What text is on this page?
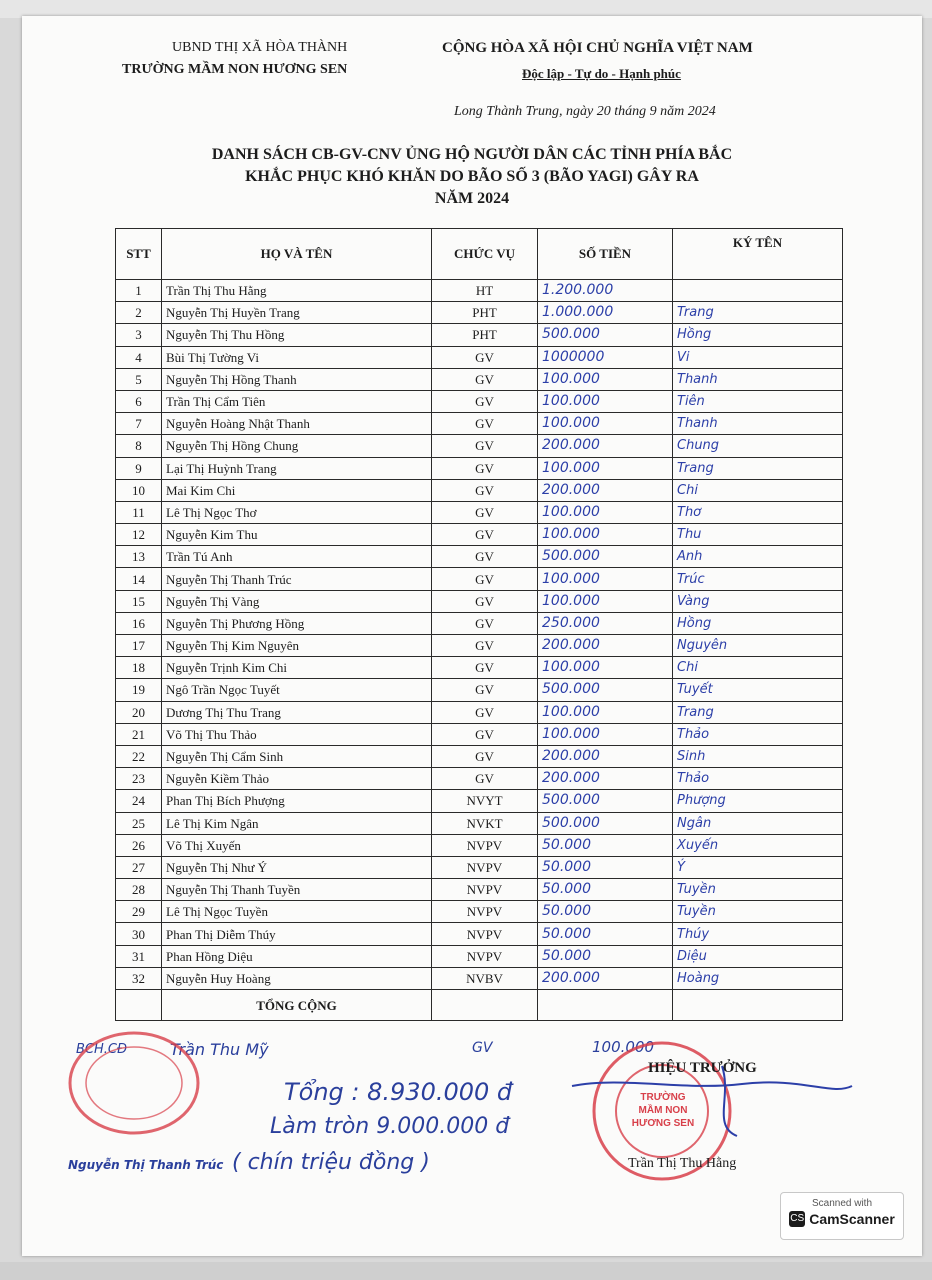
UBND THỊ XÃ HÒA THÀNH
TRƯỜNG MẦM NON HƯƠNG SEN
CỘNG HÒA XÃ HỘI CHỦ NGHĨA VIỆT NAM
Độc lập - Tự do - Hạnh phúc
Long Thành Trung, ngày 20 tháng 9 năm 2024
DANH SÁCH CB-GV-CNV ỦNG HỘ NGƯỜI DÂN CÁC TỈNH PHÍA BẮC
KHẮC PHỤC KHÓ KHĂN DO BÃO SỐ 3 (BÃO YAGI) GÂY RA
NĂM 2024
STT	HỌ VÀ TÊN	CHỨC VỤ	SỐ TIỀN	KÝ TÊN
1	Trần Thị Thu Hằng	HT	1.200.000	
2	Nguyễn Thị Huyền Trang	PHT	1.000.000	Trang
3	Nguyễn Thị Thu Hồng	PHT	500.000	Hồng
4	Bùi Thị Tường Vi	GV	1000000	Vi
5	Nguyễn Thị Hồng Thanh	GV	100.000	Thanh
6	Trần Thị Cẩm Tiên	GV	100.000	Tiên
7	Nguyễn Hoàng Nhật Thanh	GV	100.000	Thanh
8	Nguyễn Thị Hồng Chung	GV	200.000	Chung
9	Lại Thị Huỳnh Trang	GV	100.000	Trang
10	Mai Kim Chi	GV	200.000	Chi
11	Lê Thị Ngọc Thơ	GV	100.000	Thơ
12	Nguyễn Kim Thu	GV	100.000	Thu
13	Trần Tú Anh	GV	500.000	Anh
14	Nguyễn Thị Thanh Trúc	GV	100.000	Trúc
15	Nguyễn Thị Vàng	GV	100.000	Vàng
16	Nguyễn Thị Phương Hồng	GV	250.000	Hồng
17	Nguyễn Thị Kim Nguyên	GV	200.000	Nguyên
18	Nguyễn Trịnh Kim Chi	GV	100.000	Chi
19	Ngô Trần Ngọc Tuyết	GV	500.000	Tuyết
20	Dương Thị Thu Trang	GV	100.000	Trang
21	Võ Thị Thu Thảo	GV	100.000	Thảo
22	Nguyễn Thị Cẩm Sinh	GV	200.000	Sinh
23	Nguyễn Kiềm Thảo	GV	200.000	Thảo
24	Phan Thị Bích Phượng	NVYT	500.000	Phượng
25	Lê Thị Kim Ngân	NVKT	500.000	Ngân
26	Võ Thị Xuyến	NVPV	50.000	Xuyến
27	Nguyễn Thị Như Ý	NVPV	50.000	Ý
28	Nguyễn Thị Thanh Tuyền	NVPV	50.000	Tuyền
29	Lê Thị Ngọc Tuyền	NVPV	50.000	Tuyền
30	Phan Thị Diễm Thúy	NVPV	50.000	Thúy
31	Phan Hồng Diệu	NVPV	50.000	Diệu
32	Nguyễn Huy Hoàng	NVBV	200.000	Hoàng
	TỔNG CỘNG			
Trần Thu Mỹ	GV	100.000
Tổng : 8.930.000 đ
Làm tròn 9.000.000 đ
Nguyễn Thị Thanh Trúc ( chín triệu đồng )
BCH.CĐ
TRƯỜNG MẦM NON HƯƠNG SEN
HIỆU TRƯỞNG
Trần Thị Thu Hằng
Scanned with
CS CamScanner
